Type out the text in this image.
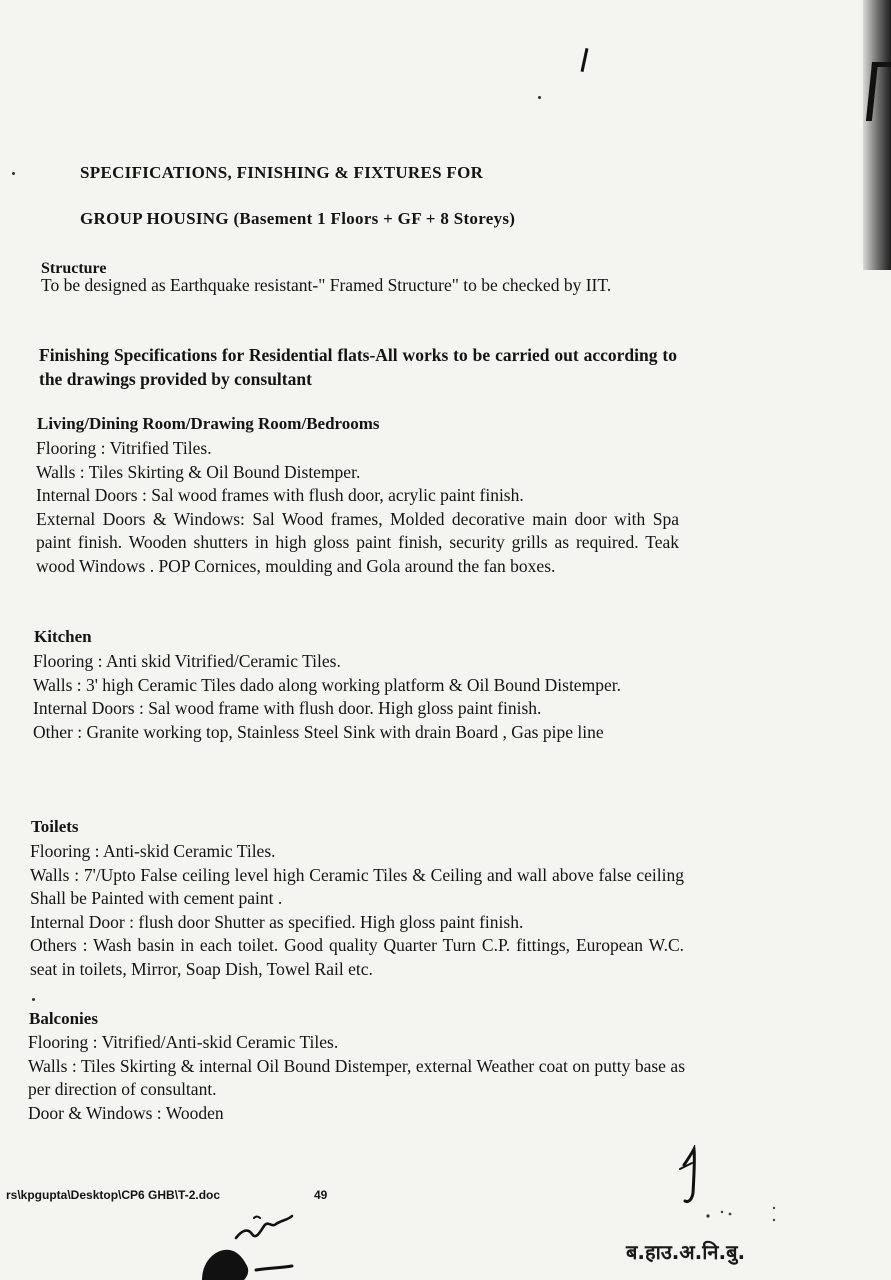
SPECIFICATIONS, FINISHING & FIXTURES FOR
GROUP HOUSING (Basement 1 Floors + GF + 8 Storeys)
Structure
To be designed as Earthquake resistant-" Framed Structure" to be checked by IIT.
Finishing Specifications for Residential flats-All works to be carried out according to the drawings provided by consultant
Living/Dining Room/Drawing Room/Bedrooms
Flooring : Vitrified Tiles.
Walls : Tiles Skirting & Oil Bound Distemper.
Internal Doors : Sal wood frames with flush door, acrylic paint finish.
External Doors & Windows: Sal Wood frames, Molded decorative main door with Spa paint finish. Wooden shutters in high gloss paint finish, security grills as required. Teak wood Windows . POP Cornices, moulding and Gola around the fan boxes.
Kitchen
Flooring : Anti skid Vitrified/Ceramic Tiles.
Walls : 3' high Ceramic Tiles dado along working platform & Oil Bound Distemper.
Internal Doors : Sal wood frame with flush door. High gloss paint finish.
Other : Granite working top, Stainless Steel Sink with drain Board , Gas pipe line
Toilets
Flooring : Anti-skid Ceramic Tiles.
Walls : 7'/Upto False ceiling level high Ceramic Tiles & Ceiling and wall above false ceiling Shall be Painted with cement paint .
Internal Door : flush door Shutter as specified. High gloss paint finish.
Others : Wash basin in each toilet. Good quality Quarter Turn C.P. fittings, European W.C. seat in toilets, Mirror, Soap Dish, Towel Rail etc.
Balconies
Flooring : Vitrified/Anti-skid Ceramic Tiles.
Walls : Tiles Skirting & internal Oil Bound Distemper, external Weather coat on putty base as per direction of consultant.
Door & Windows : Wooden
rs\kpgupta\Desktop\CP6 GHB\T-2.doc	49
ब.हाउ.अ.नि.बु.
